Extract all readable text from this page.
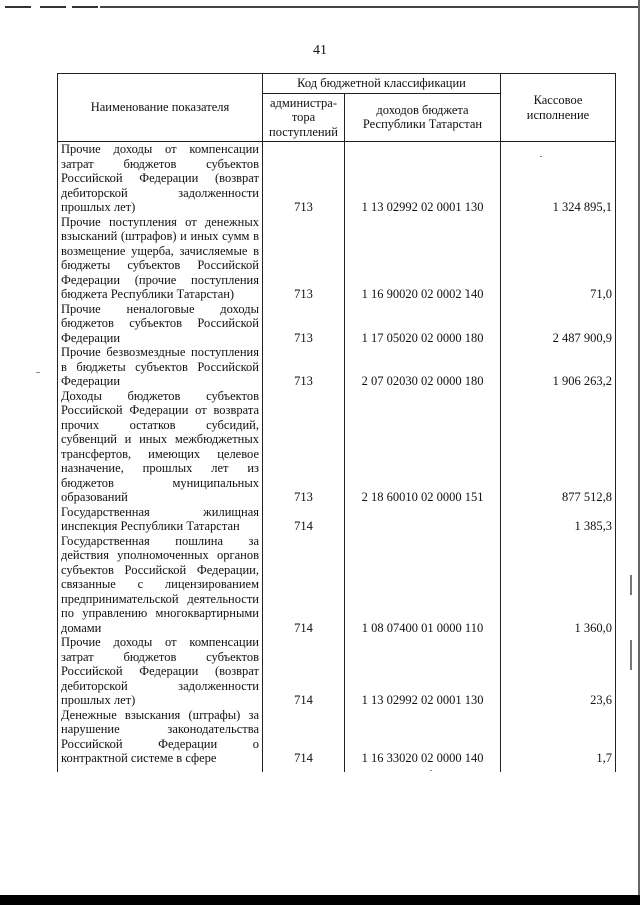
41
Наименование показателя	Код бюджетной классификации		Кассовое исполнение
	администра-тора поступлений	доходов бюджета Республики Татарстан	
Прочие доходы от компенсации затрат бюджетов субъектов Российской Федерации (возврат дебиторской задолженности прошлых лет)	713	1 13 02992 02 0001 130	1 324 895,1
Прочие поступления от денежных взысканий (штрафов) и иных сумм в возмещение ущерба, зачисляемые в бюджеты субъектов Российской Федерации (прочие поступления бюджета Республики Татарстан)	713	1 16 90020 02 0002 140	71,0
Прочие неналоговые доходы бюджетов субъектов Российской Федерации	713	1 17 05020 02 0000 180	2 487 900,9
Прочие безвозмездные поступления в бюджеты субъектов Российской Федерации	713	2 07 02030 02 0000 180	1 906 263,2
Доходы бюджетов субъектов Российской Федерации от возврата прочих остатков субсидий, субвенций и иных межбюджетных трансфертов, имеющих целевое назначение, прошлых лет из бюджетов муниципальных образований	713	2 18 60010 02 0000 151	877 512,8
Государственная жилищная инспекция Республики Татарстан	714		1 385,3
Государственная пошлина за действия уполномоченных органов субъектов Российской Федерации, связанные с лицензированием предпринимательской деятельности по управлению многоквартирными домами	714	1 08 07400 01 0000 110	1 360,0
Прочие доходы от компенсации затрат бюджетов субъектов Российской Федерации (возврат дебиторской задолженности прошлых лет)	714	1 13 02992 02 0001 130	23,6
Денежные взыскания (штрафы) за нарушение законодательства Российской Федерации о контрактной системе в сфере	714	1 16 33020 02 0000 140	1,7
